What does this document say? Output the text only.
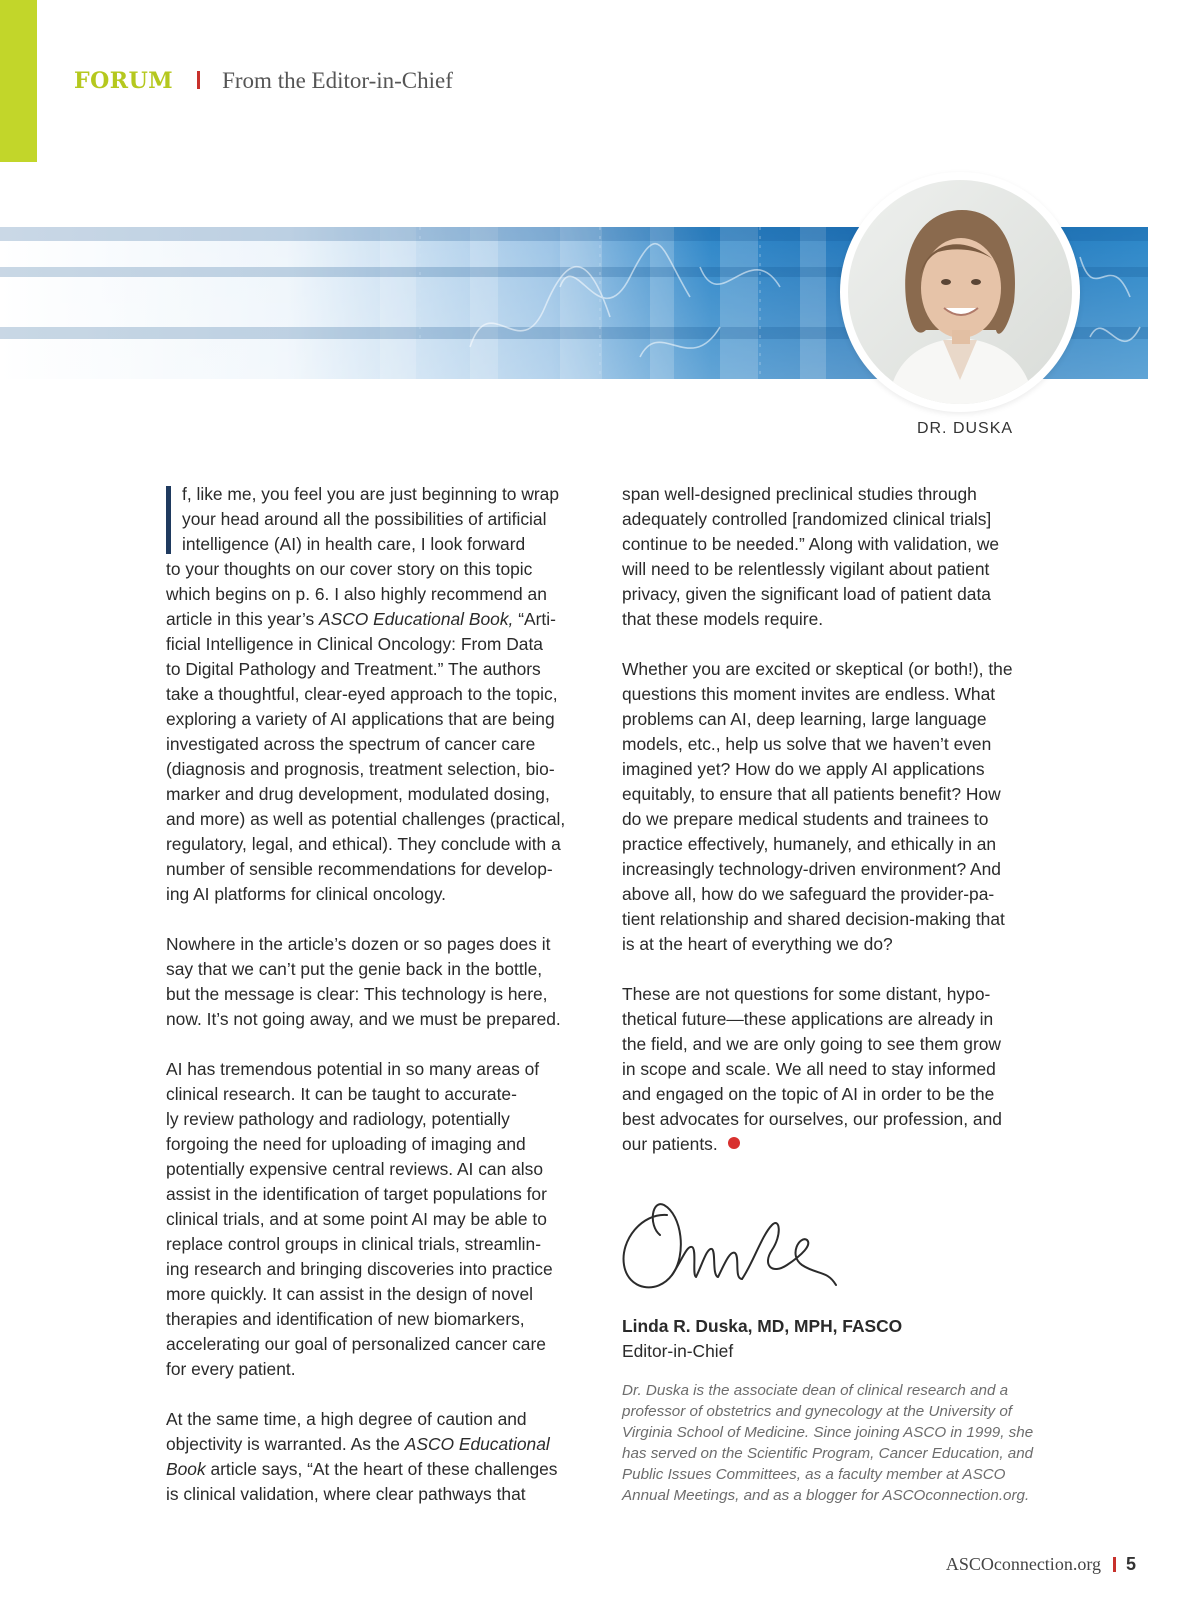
FORUM From the Editor-in-Chief
DR. DUSKA

f, like me, you feel you are just beginning to wrap
your head around all the possibilities of artificial
intelligence (AI) in health care, I look forward
to your thoughts on our cover story on this topic
which begins on p. 6. I also highly recommend an
article in this year’s ASCO Educational Book, “Arti-
ficial Intelligence in Clinical Oncology: From Data
to Digital Pathology and Treatment.” The authors
take a thoughtful, clear-eyed approach to the topic,
exploring a variety of AI applications that are being
investigated across the spectrum of cancer care
(diagnosis and prognosis, treatment selection, bio-
marker and drug development, modulated dosing,
and more) as well as potential challenges (practical,
regulatory, legal, and ethical). They conclude with a
number of sensible recommendations for develop-
ing AI platforms for clinical oncology.

Nowhere in the article’s dozen or so pages does it
say that we can’t put the genie back in the bottle,
but the message is clear: This technology is here,
now. It’s not going away, and we must be prepared.

AI has tremendous potential in so many areas of
clinical research. It can be taught to accurate-
ly review pathology and radiology, potentially
forgoing the need for uploading of imaging and
potentially expensive central reviews. AI can also
assist in the identification of target populations for
clinical trials, and at some point AI may be able to
replace control groups in clinical trials, streamlin-
ing research and bringing discoveries into practice
more quickly. It can assist in the design of novel
therapies and identification of new biomarkers,
accelerating our goal of personalized cancer care
for every patient.

At the same time, a high degree of caution and
objectivity is warranted. As the ASCO Educational
Book article says, “At the heart of these challenges
is clinical validation, where clear pathways that

span well-designed preclinical studies through
adequately controlled [randomized clinical trials]
continue to be needed.” Along with validation, we
will need to be relentlessly vigilant about patient
privacy, given the significant load of patient data
that these models require.

Whether you are excited or skeptical (or both!), the
questions this moment invites are endless. What
problems can AI, deep learning, large language
models, etc., help us solve that we haven’t even
imagined yet? How do we apply AI applications
equitably, to ensure that all patients benefit? How
do we prepare medical students and trainees to
practice effectively, humanely, and ethically in an
increasingly technology-driven environment? And
above all, how do we safeguard the provider-pa-
tient relationship and shared decision-making that
is at the heart of everything we do?

These are not questions for some distant, hypo-
thetical future—these applications are already in
the field, and we are only going to see them grow
in scope and scale. We all need to stay informed
and engaged on the topic of AI in order to be the
best advocates for ourselves, our profession, and
our patients.

Linda R. Duska, MD, MPH, FASCO
Editor-in-Chief
Dr. Duska is the associate dean of clinical research and a
professor of obstetrics and gynecology at the University of
Virginia School of Medicine. Since joining ASCO in 1999, she
has served on the Scientific Program, Cancer Education, and
Public Issues Committees, as a faculty member at ASCO
Annual Meetings, and as a blogger for ASCOconnection.org.
ASCOconnection.org 5
